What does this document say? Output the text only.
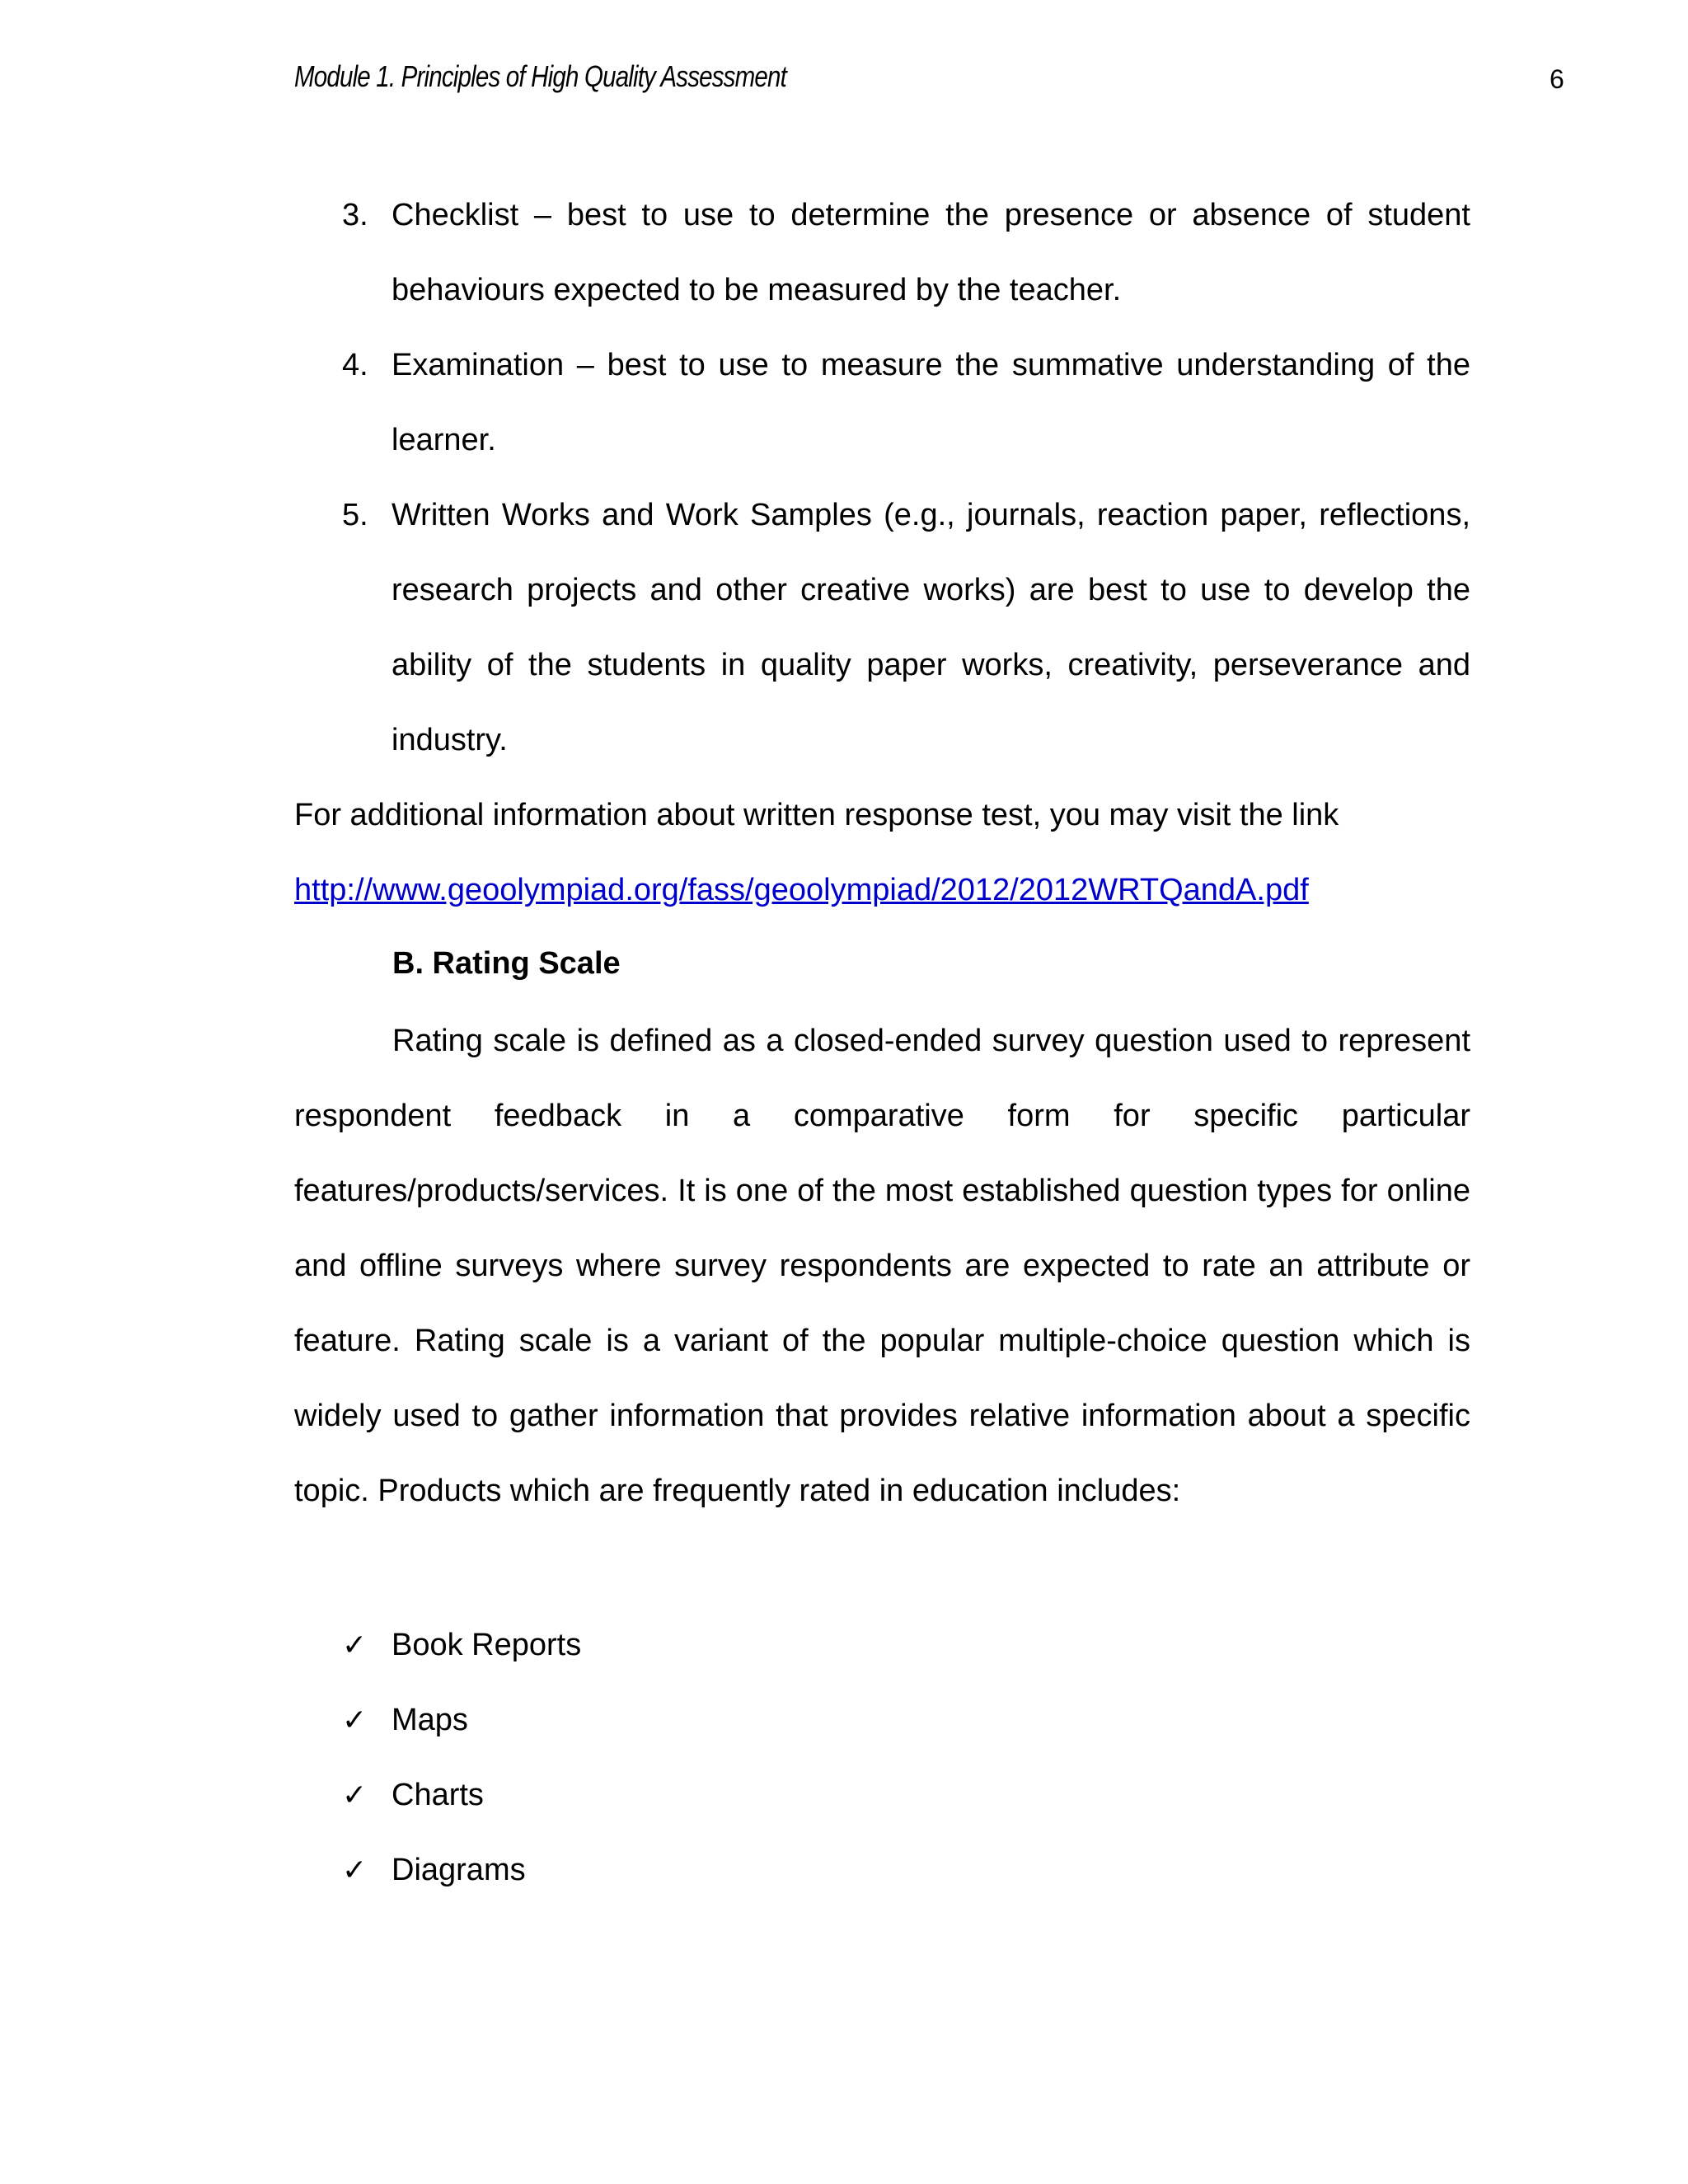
Module 1. Principles of High Quality Assessment	6
3. Checklist – best to use to determine the presence or absence of student behaviours expected to be measured by the teacher.
4. Examination – best to use to measure the summative understanding of the learner.
5. Written Works and Work Samples (e.g., journals, reaction paper, reflections, research projects and other creative works) are best to use to develop the ability of the students in quality paper works, creativity, perseverance and industry.
For additional information about written response test, you may visit the link
http://www.geoolympiad.org/fass/geoolympiad/2012/2012WRTQandA.pdf
B. Rating Scale
Rating scale is defined as a closed-ended survey question used to represent respondent feedback in a comparative form for specific particular features/products/services. It is one of the most established question types for online and offline surveys where survey respondents are expected to rate an attribute or feature. Rating scale is a variant of the popular multiple-choice question which is widely used to gather information that provides relative information about a specific topic. Products which are frequently rated in education includes:
✓ Book Reports
✓ Maps
✓ Charts
✓ Diagrams
